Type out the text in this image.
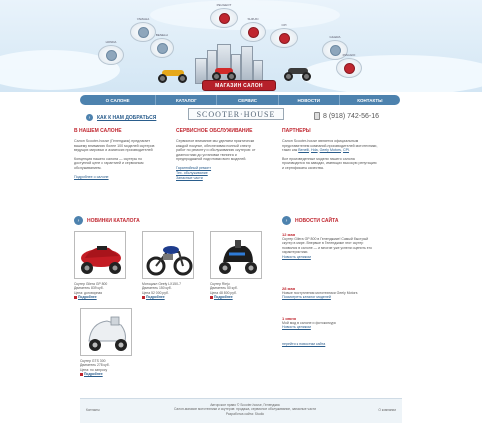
HONDA
YAMAHA
BENELLI
PEUGEOT
SUZUKI
CPI
GILERA
PIAGGIO
МАГАЗИН САЛОН
О САЛОНЕ	КАТАЛОГ	СЕРВИС	НОВОСТИ	КОНТАКТЫ
›	КАК К НАМ ДОБРАТЬСЯ	SCOOTER·HOUSE	8 (918) 742-56-16
В НАШЕМ САЛОНЕ

Салон Scooter-house (Геленджик) предлагает вашему вниманию более 100 моделей скутеров ведущих мировых и азиатских производителей

Концепция нашего салона — скутеры по доступной цене с гарантией и сервисным обслуживанием.

Подробнее о салоне
СЕРВИСНОЕ ОБСЛУЖИВАНИЕ

Сервисное внимание мы уделяем практически каждой покупке, обеспечивая полный спектр работ по ремонту и обслуживанию скутеров: от диагностики до установки тюнинга и предпродажной подготовки всех моделей.

Гарантийный ремонт
Тех. обслуживание
Запасные части
ПАРТНЕРЫ

Салон Scooter-house является официальным представителем компаний-производителей мототехники, таких как Benelli, Hda, Geely Motors, CPI.

Все произведенные модели нашего салона производятся на заводах, имеющих высокую репутацию и сертификаты качества.

›	НОВИНКИ КАТАЛОГА
Скутер Gilera GP 800
Двигатель 839 куб.
Цена: договорная
Подробнее
Мотоцикл Geely LX150-7
Двигатель 150 куб.
Цена 52 000 руб.
Подробнее
Скутер Rieju
Двигатель 50 куб.
Цена 48 800 руб.
Подробнее
Скутер GTS 300
Двигатель 278 куб.
Цена: по запросу
Подробнее
›	НОВОСТИ САЙТА
12 мая
Скутер Gilera GP 800 в Геленджике! Самый быстрый скутер в мире. Впервые в Геленджике этот скутер появился в салоне — и многие уже успели оценить его характеристики.
Новость целиком
28 мая
Новые поступления мототехники Geely Motors
Посмотреть каталог моделей
1 июня
Мой мод в салоне и фотоконкурс
Новость целиком
перейти к новостям сайта
Контакты
Авторское право © Scooter-house, Геленджик
Салон-магазин мототехники и скутеров: продажа, сервисное обслуживание, запасные части
Разработка сайта: Studio
О компании
